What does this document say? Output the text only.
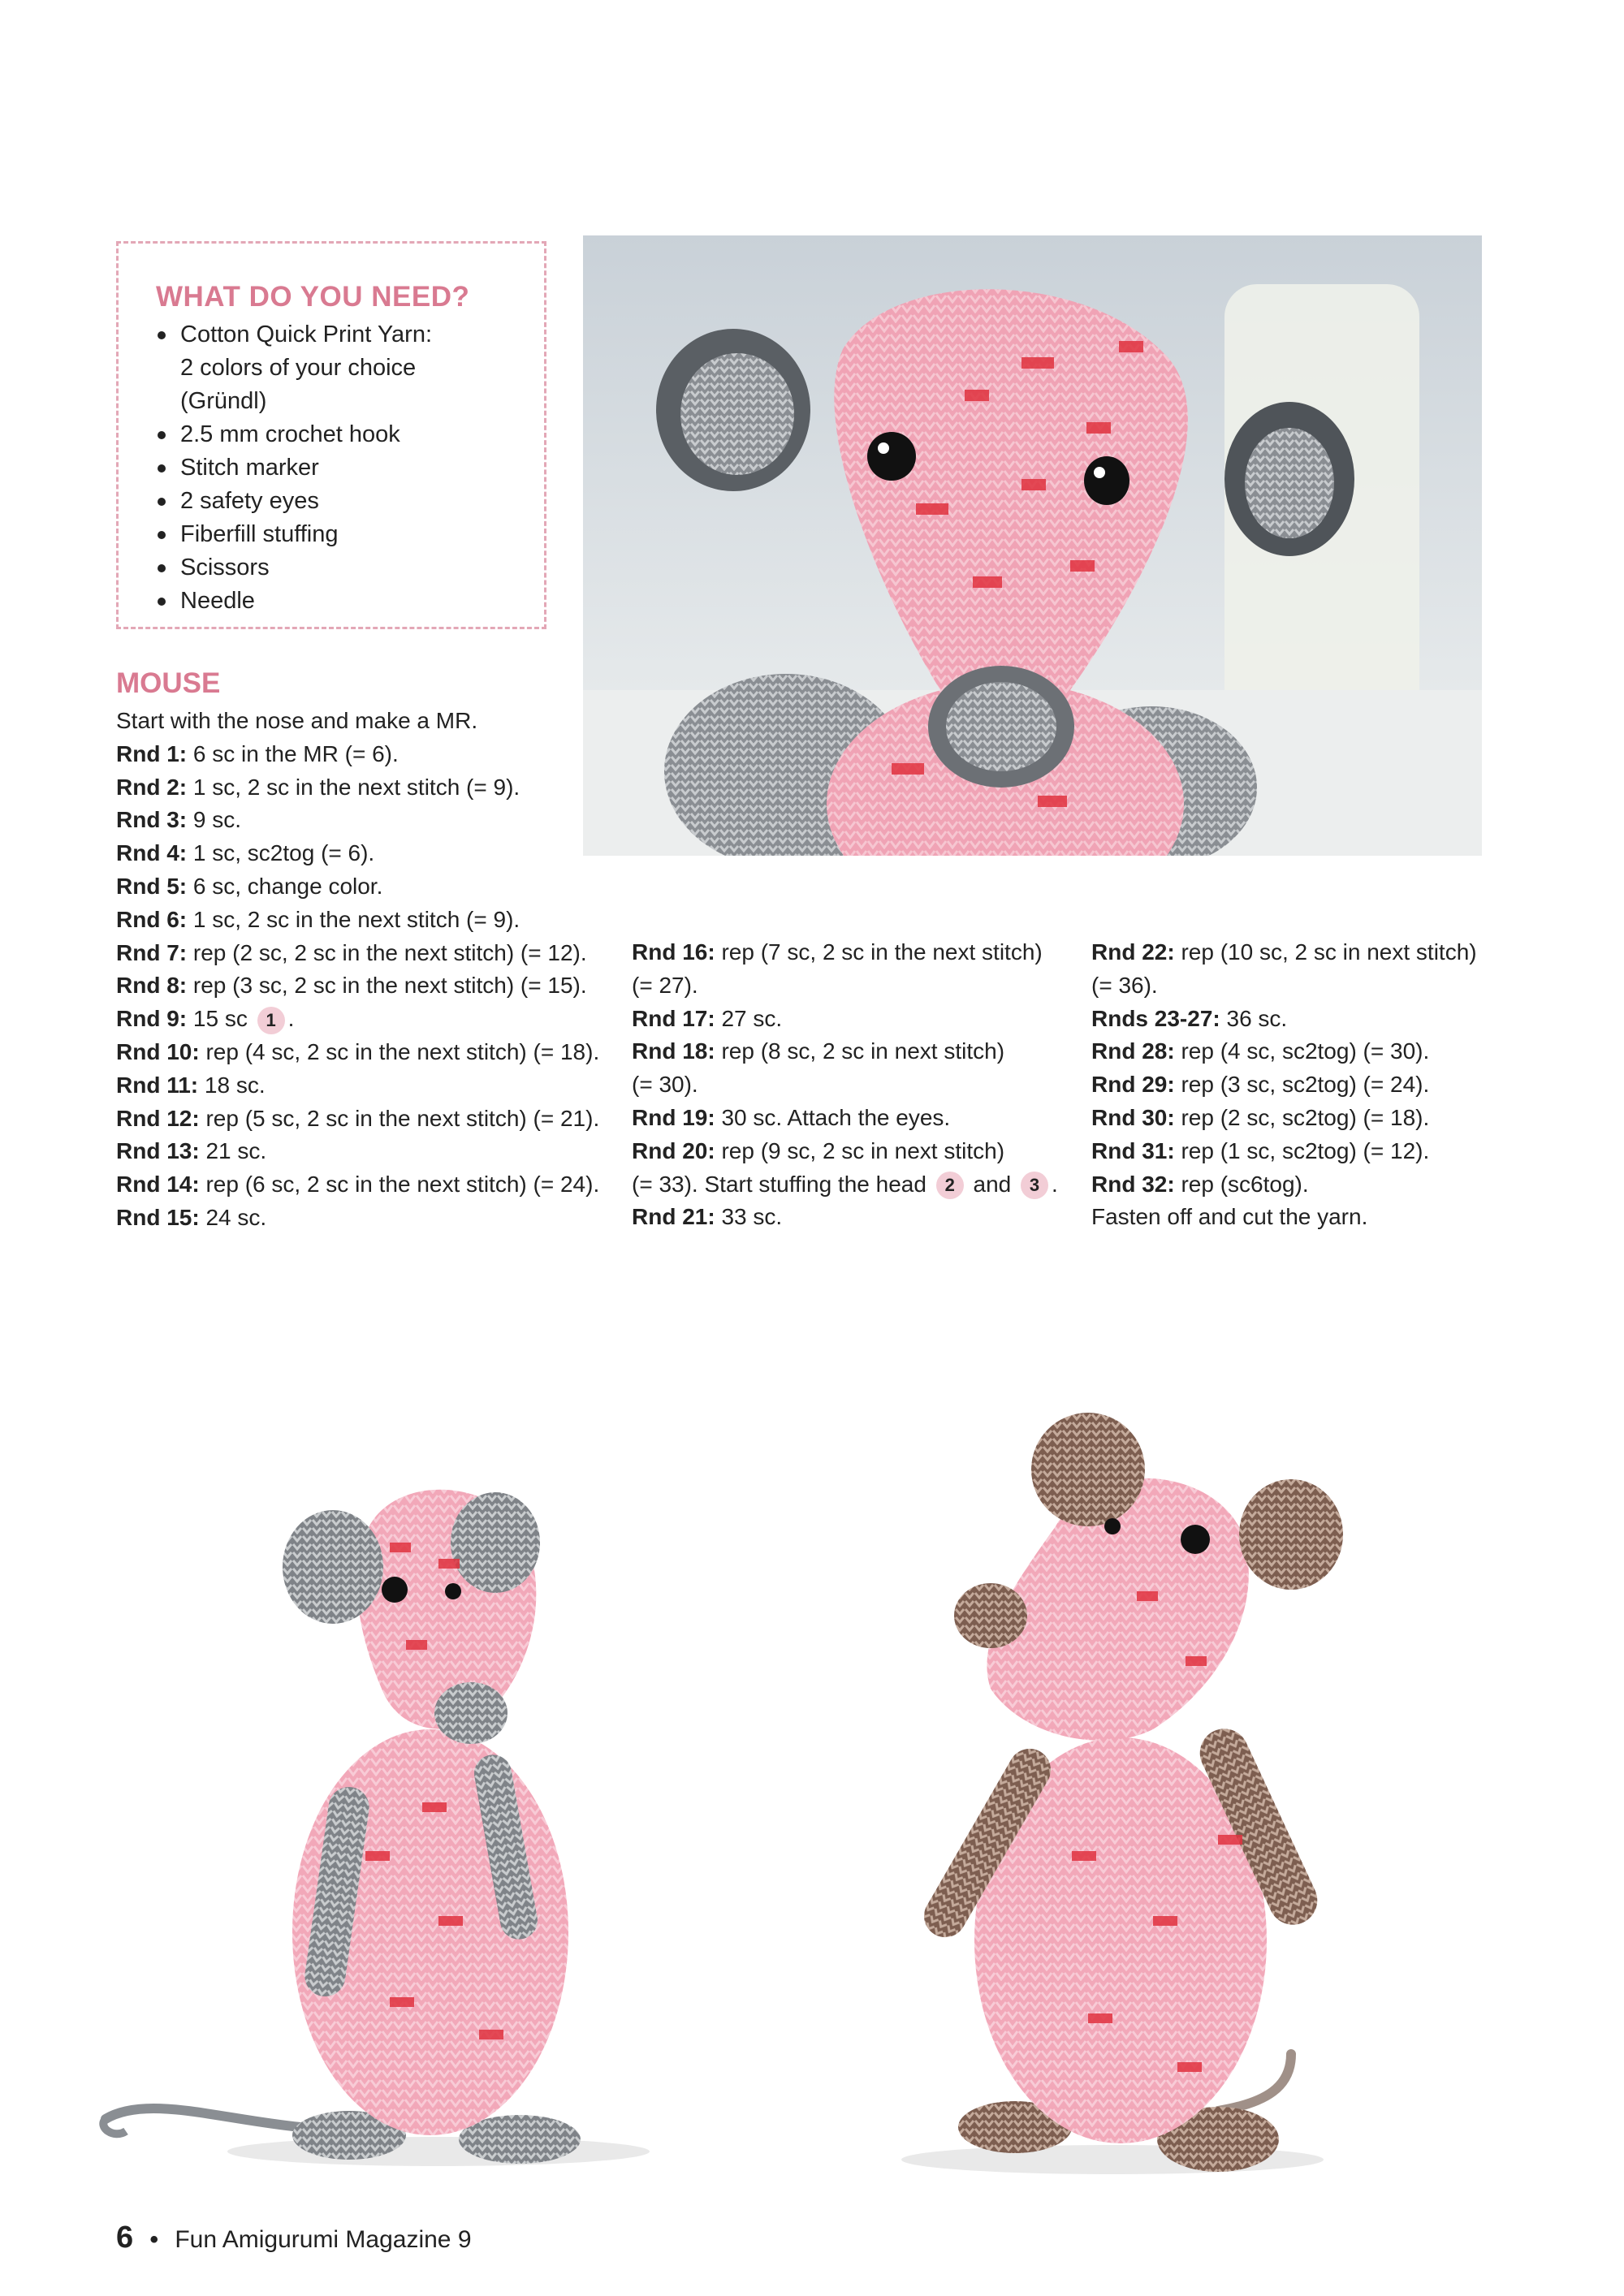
WHAT DO YOU NEED?
Cotton Quick Print Yarn:
2 colors of your choice
(Gründl)
2.5 mm crochet hook
Stitch marker
2 safety eyes
Fiberfill stuffing
Scissors
Needle
MOUSE
Start with the nose and make a MR.
Rnd 1: 6 sc in the MR (= 6).
Rnd 2: 1 sc, 2 sc in the next stitch (= 9).
Rnd 3: 9 sc.
Rnd 4: 1 sc, sc2tog (= 6).
Rnd 5: 6 sc, change color.
Rnd 6: 1 sc, 2 sc in the next stitch (= 9).
Rnd 7: rep (2 sc, 2 sc in the next stitch) (= 12).
Rnd 8: rep (3 sc, 2 sc in the next stitch) (= 15).
Rnd 9: 15 sc 1 .
Rnd 10: rep (4 sc, 2 sc in the next stitch) (= 18).
Rnd 11: 18 sc.
Rnd 12: rep (5 sc, 2 sc in the next stitch) (= 21).
Rnd 13: 21 sc.
Rnd 14: rep (6 sc, 2 sc in the next stitch) (= 24).
Rnd 15: 24 sc.
Rnd 16: rep (7 sc, 2 sc in the next stitch)
(= 27).
Rnd 17: 27 sc.
Rnd 18: rep (8 sc, 2 sc in next stitch)
(= 30).
Rnd 19: 30 sc. Attach the eyes.
Rnd 20: rep (9 sc, 2 sc in next stitch)
(= 33). Start stuffing the head 2 and 3 .
Rnd 21: 33 sc.
Rnd 22: rep (10 sc, 2 sc in next stitch)
(= 36).
Rnds 23-27: 36 sc.
Rnd 28: rep (4 sc, sc2tog) (= 30).
Rnd 29: rep (3 sc, sc2tog) (= 24).
Rnd 30: rep (2 sc, sc2tog) (= 18).
Rnd 31: rep (1 sc, sc2tog) (= 12).
Rnd 32: rep (sc6tog).
Fasten off and cut the yarn.
6 • Fun Amigurumi Magazine 9
